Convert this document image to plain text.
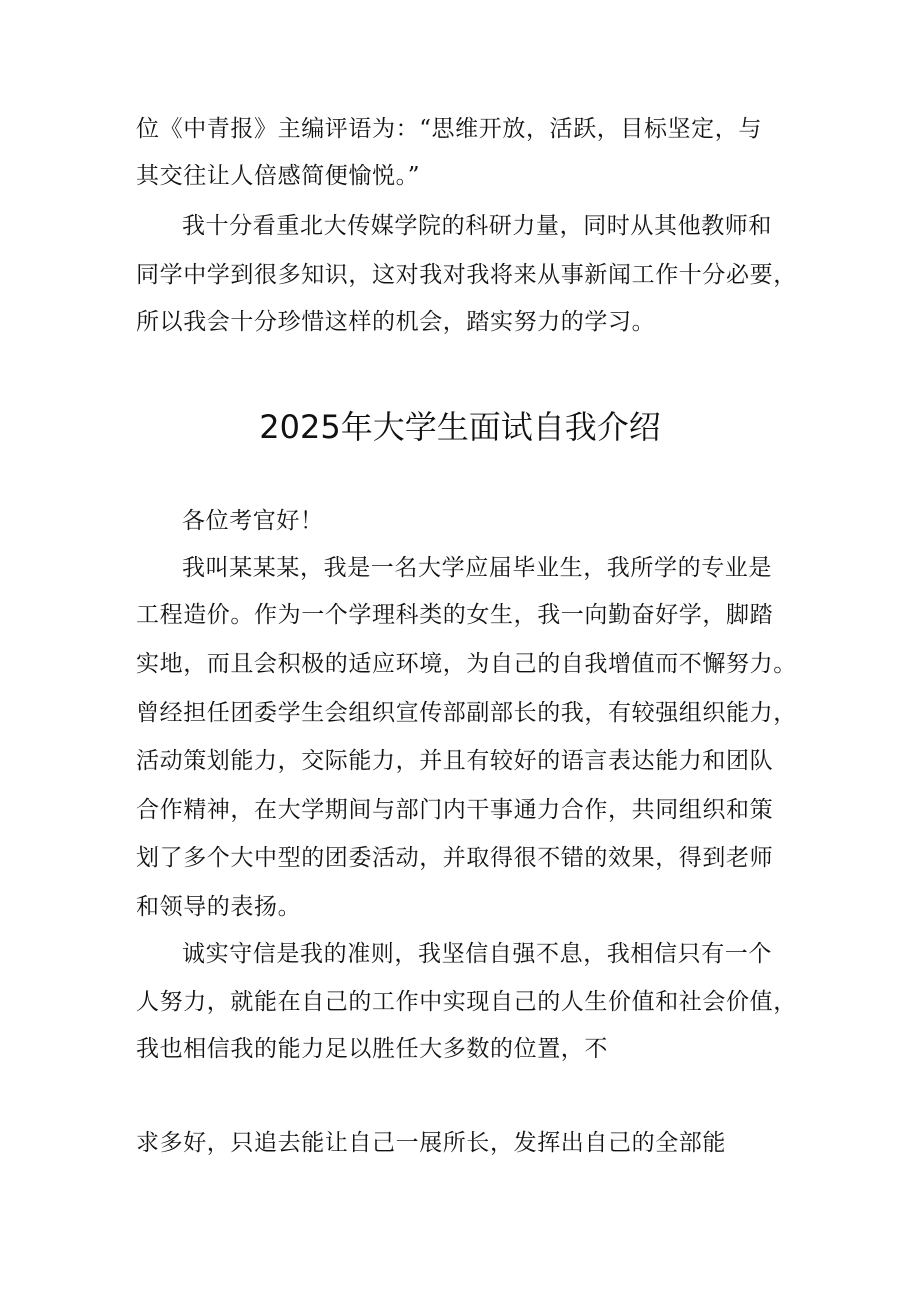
位《中青报》主编评语为：“思维开放，活跃，目标坚定，与
其交往让人倍感简便愉悦。”
我十分看重北大传媒学院的科研力量，同时从其他教师和
同学中学到很多知识，这对我对我将来从事新闻工作十分必要，
所以我会十分珍惜这样的机会，踏实努力的学习。
2025年大学生面试自我介绍
各位考官好！
我叫某某某，我是一名大学应届毕业生，我所学的专业是
工程造价。作为一个学理科类的女生，我一向勤奋好学，脚踏
实地，而且会积极的适应环境，为自己的自我增值而不懈努力。
曾经担任团委学生会组织宣传部副部长的我，有较强组织能力，
活动策划能力，交际能力，并且有较好的语言表达能力和团队
合作精神，在大学期间与部门内干事通力合作，共同组织和策
划了多个大中型的团委活动，并取得很不错的效果，得到老师
和领导的表扬。
诚实守信是我的准则，我坚信自强不息，我相信只有一个
人努力，就能在自己的工作中实现自己的人生价值和社会价值，
我也相信我的能力足以胜任大多数的位置，不
求多好，只追去能让自己一展所长，发挥出自己的全部能
